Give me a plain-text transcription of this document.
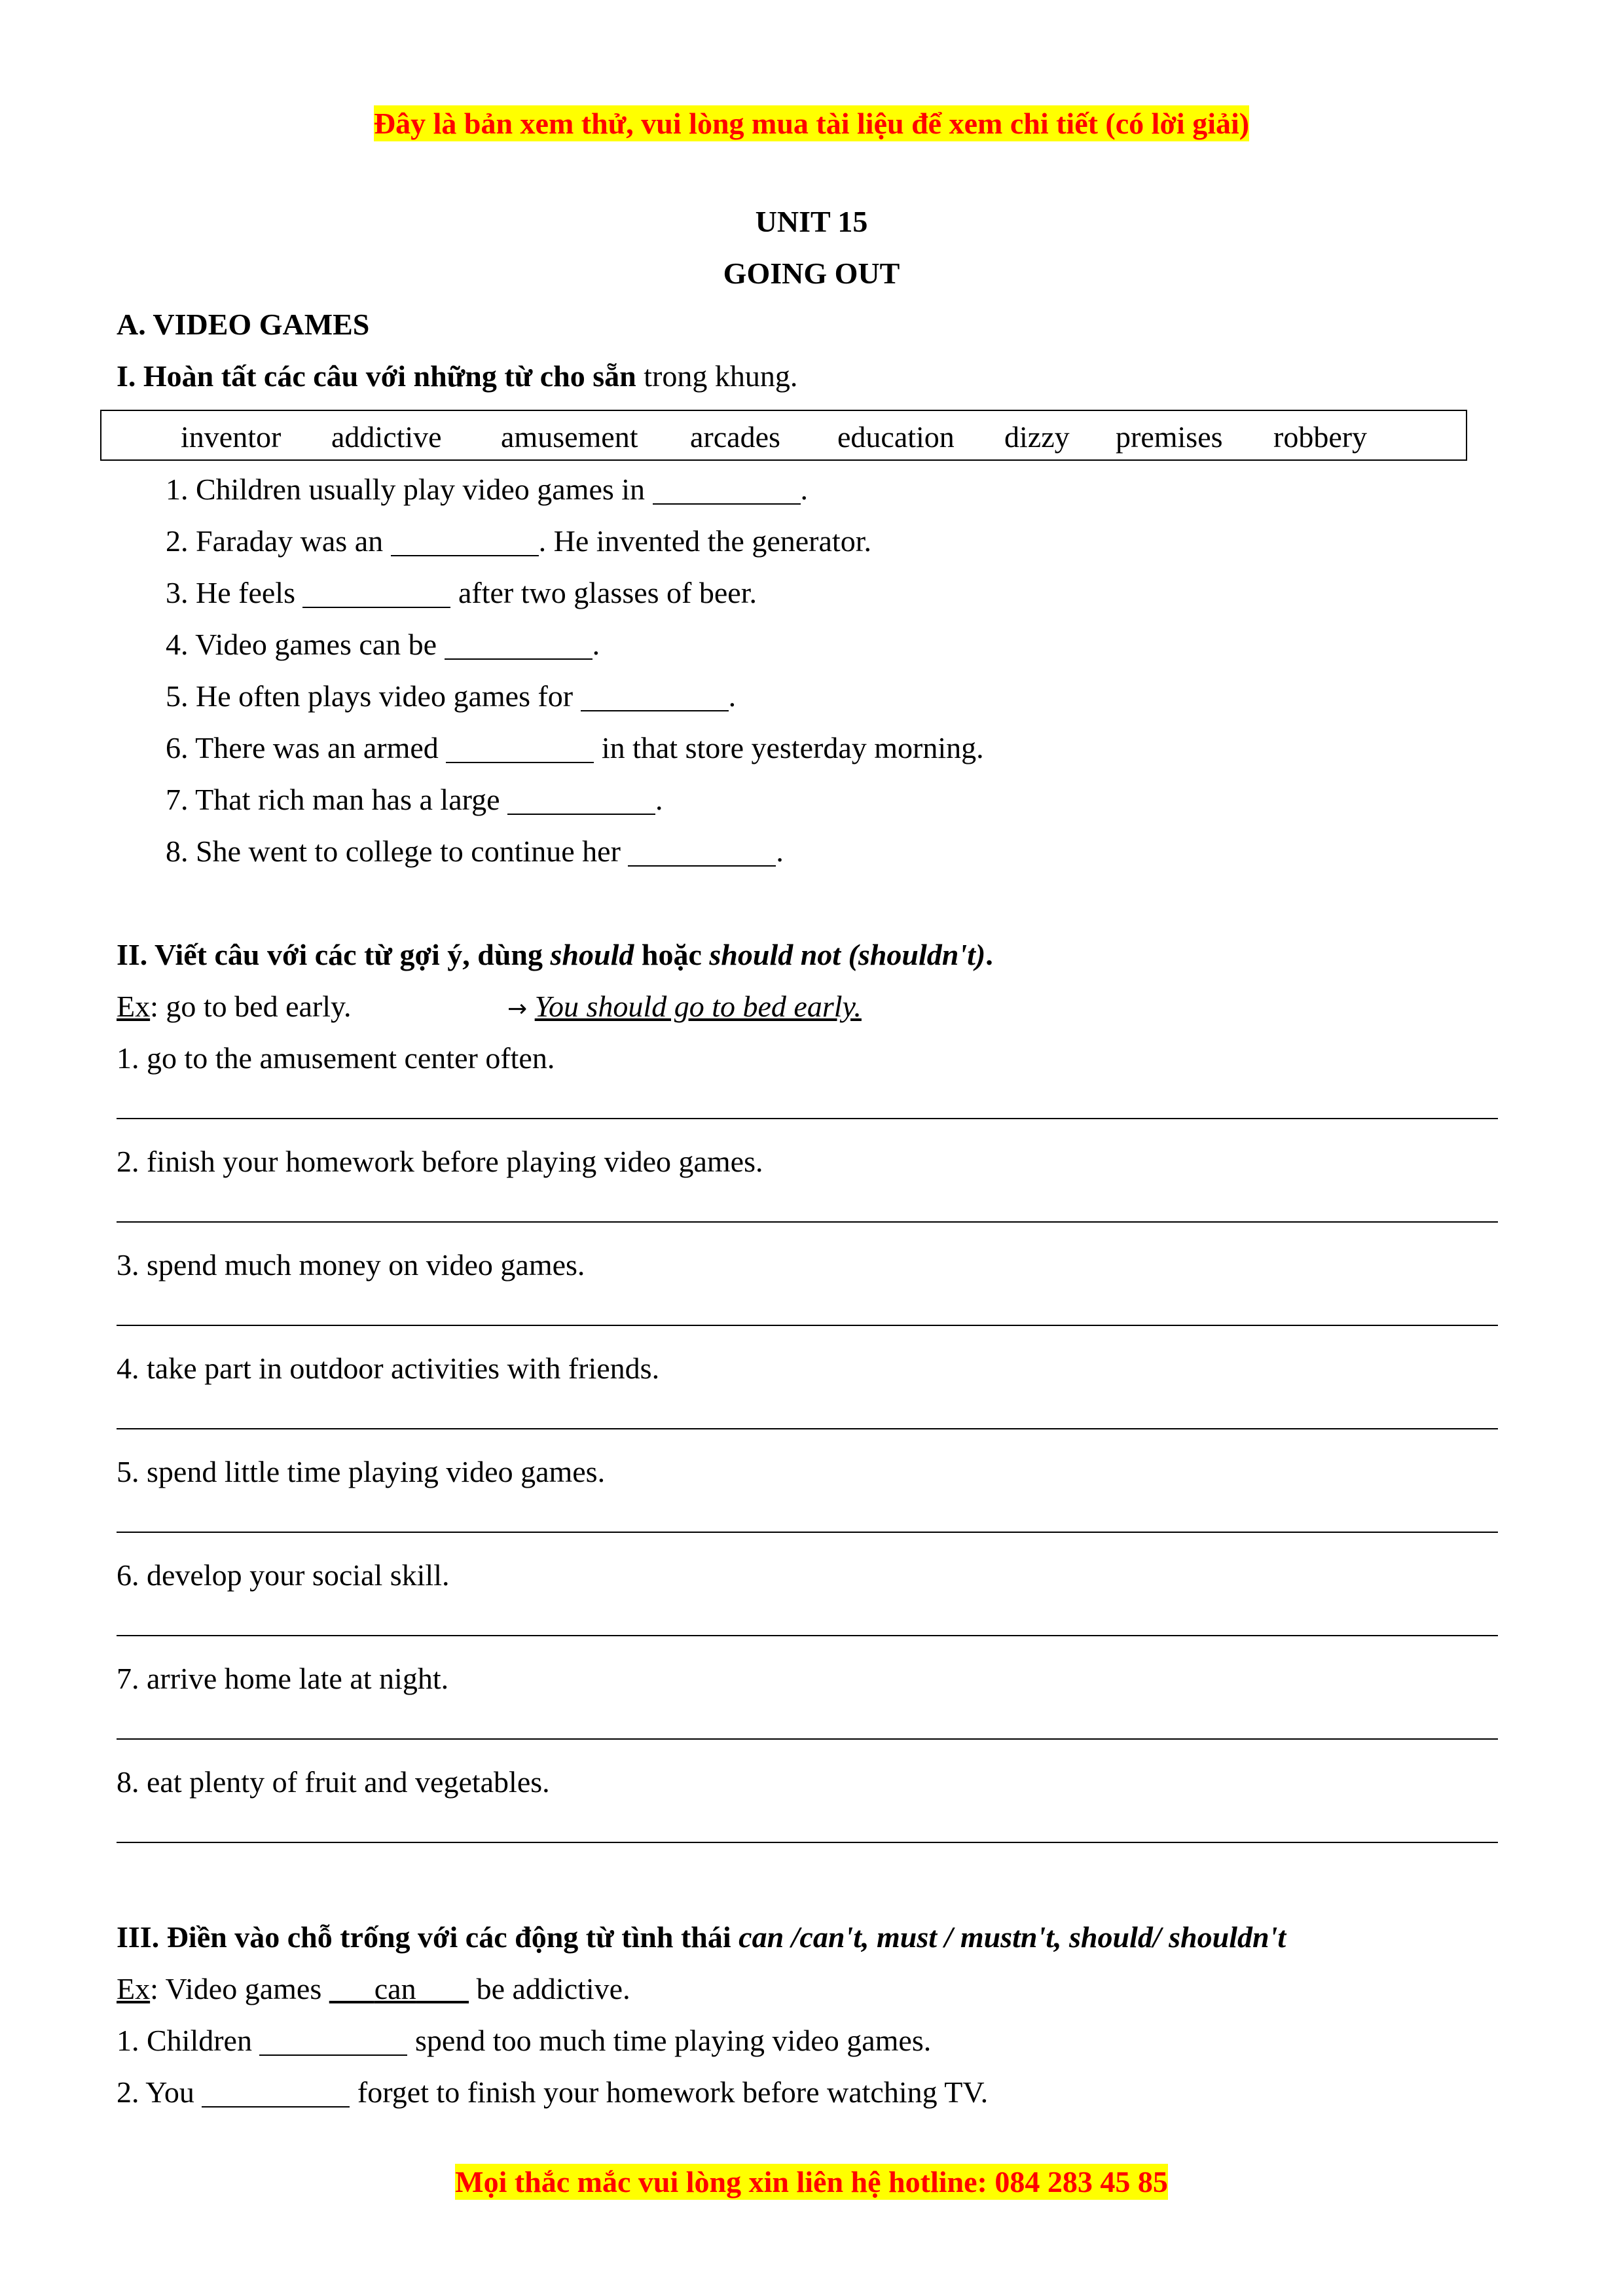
Đây là bản xem thử, vui lòng mua tài liệu để xem chi tiết (có lời giải)
UNIT 15
GOING OUT
A. VIDEO GAMES
I. Hoàn tất các câu với những từ cho sẵn trong khung.
inventor addictive amusement arcades education dizzy premises robbery
1. Children usually play video games in	.
2. Faraday was an	. He invented the generator.
3. He feels	after two glasses of beer.
4. Video games can be	.
5. He often plays video games for	.
6. There was an armed	in that store yesterday morning.
7. That rich man has a large	.
8. She went to college to continue her	.
II. Viết câu với các từ gợi ý, dùng should hoặc should not (shouldn't).
Ex: go to bed early.	→ You should go to bed early.
1. go to the amusement center often.
2. finish your homework before playing video games.
3. spend much money on video games.
4. take part in outdoor activities with friends.
5. spend little time playing video games.
6. develop your social skill.
7. arrive home late at night.
8. eat plenty of fruit and vegetables.
III. Điền vào chỗ trống với các động từ tình thái can /can't, must / mustn't, should/ shouldn't
Ex: Video games       can        be addictive.
1. Children	spend too much time playing video games.
2. You	forget to finish your homework before watching TV.
Mọi thắc mắc vui lòng xin liên hệ hotline: 084 283 45 85
